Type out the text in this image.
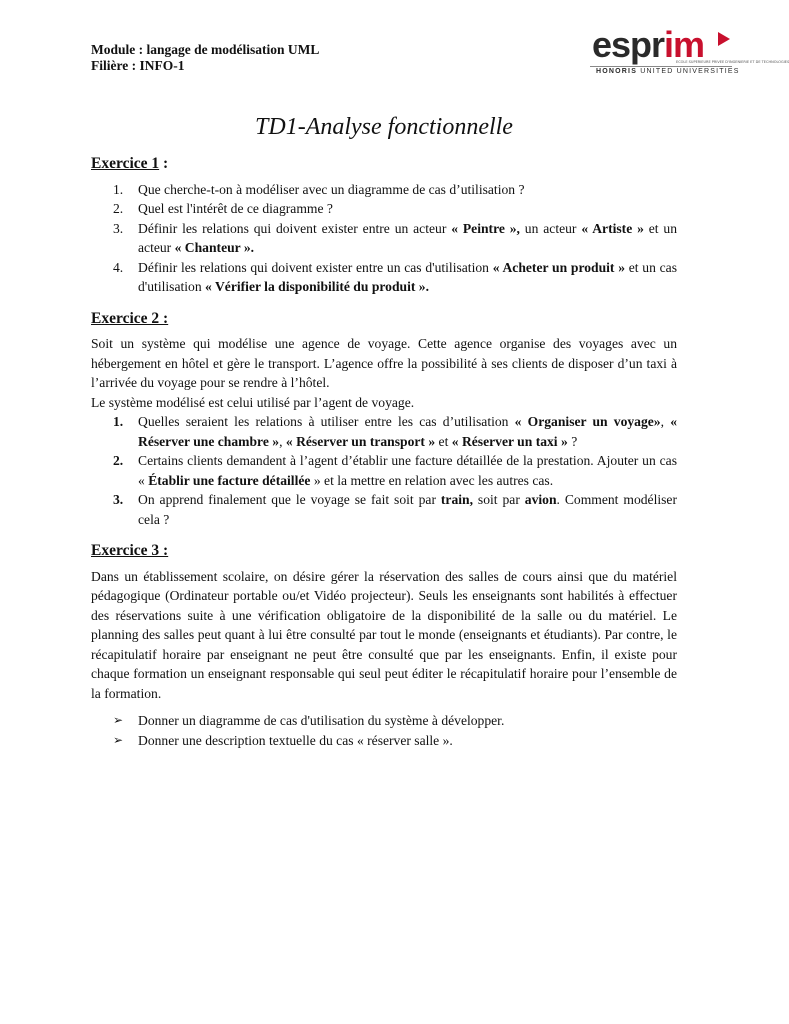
Module : langage de modélisation UML
Filière : INFO-1
esprim
ECOLE SUPERIEURE PRIVEE D'INGENIERIE ET DE TECHNOLOGIES
HONORIS UNITED UNIVERSITIES
TD1-Analyse fonctionnelle
Exercice 1 :
1. Que cherche-t-on à modéliser avec un diagramme de cas d’utilisation ?
2. Quel est l'intérêt de ce diagramme ?
3. Définir les relations qui doivent exister entre un acteur « Peintre », un acteur « Artiste » et un acteur « Chanteur ».
4. Définir les relations qui doivent exister entre un cas d'utilisation « Acheter un produit » et un cas d'utilisation « Vérifier la disponibilité du produit ».
Exercice 2 :

Soit un système qui modélise une agence de voyage. Cette agence organise des voyages avec un hébergement en hôtel et gère le transport. L’agence offre la possibilité à ses clients de disposer d’un taxi à l’arrivée du voyage pour se rendre à l’hôtel.

Le système modélisé est celui utilisé par l’agent de voyage.

1. Quelles seraient les relations à utiliser entre les cas d’utilisation « Organiser un voyage», « Réserver une chambre », « Réserver un transport » et « Réserver un taxi » ?
2. Certains clients demandent à l’agent d’établir une facture détaillée de la prestation. Ajouter un cas « Établir une facture détaillée » et la mettre en relation avec les autres cas.
3. On apprend finalement que le voyage se fait soit par train, soit par avion. Comment modéliser cela ?
Exercice 3 :

Dans un établissement scolaire, on désire gérer la réservation des salles de cours ainsi que du matériel pédagogique (Ordinateur portable ou/et Vidéo projecteur). Seuls les enseignants sont habilités à effectuer des réservations suite à une vérification obligatoire de la disponibilité de la salle ou du matériel. Le planning des salles peut quant à lui être consulté par tout le monde (enseignants et étudiants). Par contre, le récapitulatif horaire par enseignant ne peut être consulté que par les enseignants. Enfin, il existe pour chaque formation un enseignant responsable qui seul peut éditer le récapitulatif horaire pour l’ensemble de la formation.

➢ Donner un diagramme de cas d'utilisation du système à développer.
➢ Donner une description textuelle du cas « réserver salle ».
